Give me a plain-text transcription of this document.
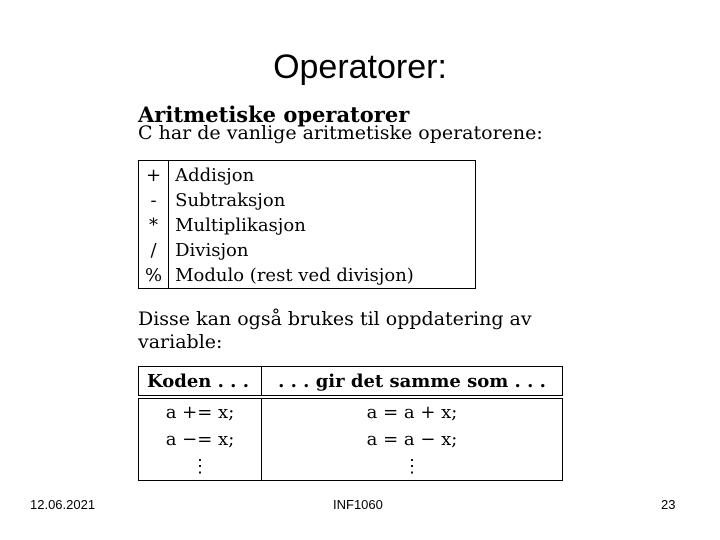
Operatorer:
Aritmetiske operatorer
C har de vanlige aritmetiske operatorene:
+	Addisjon
-	Subtraksjon
*	Multiplikasjon
/	Divisjon
%	Modulo (rest ved divisjon)
Disse kan også brukes til oppdatering av variable:
Koden . . .	. . . gir det samme som . . .
a += x;	a = a + x;
a −= x;	a = a − x;
⋮	⋮
12.06.2021	INF1060	23
